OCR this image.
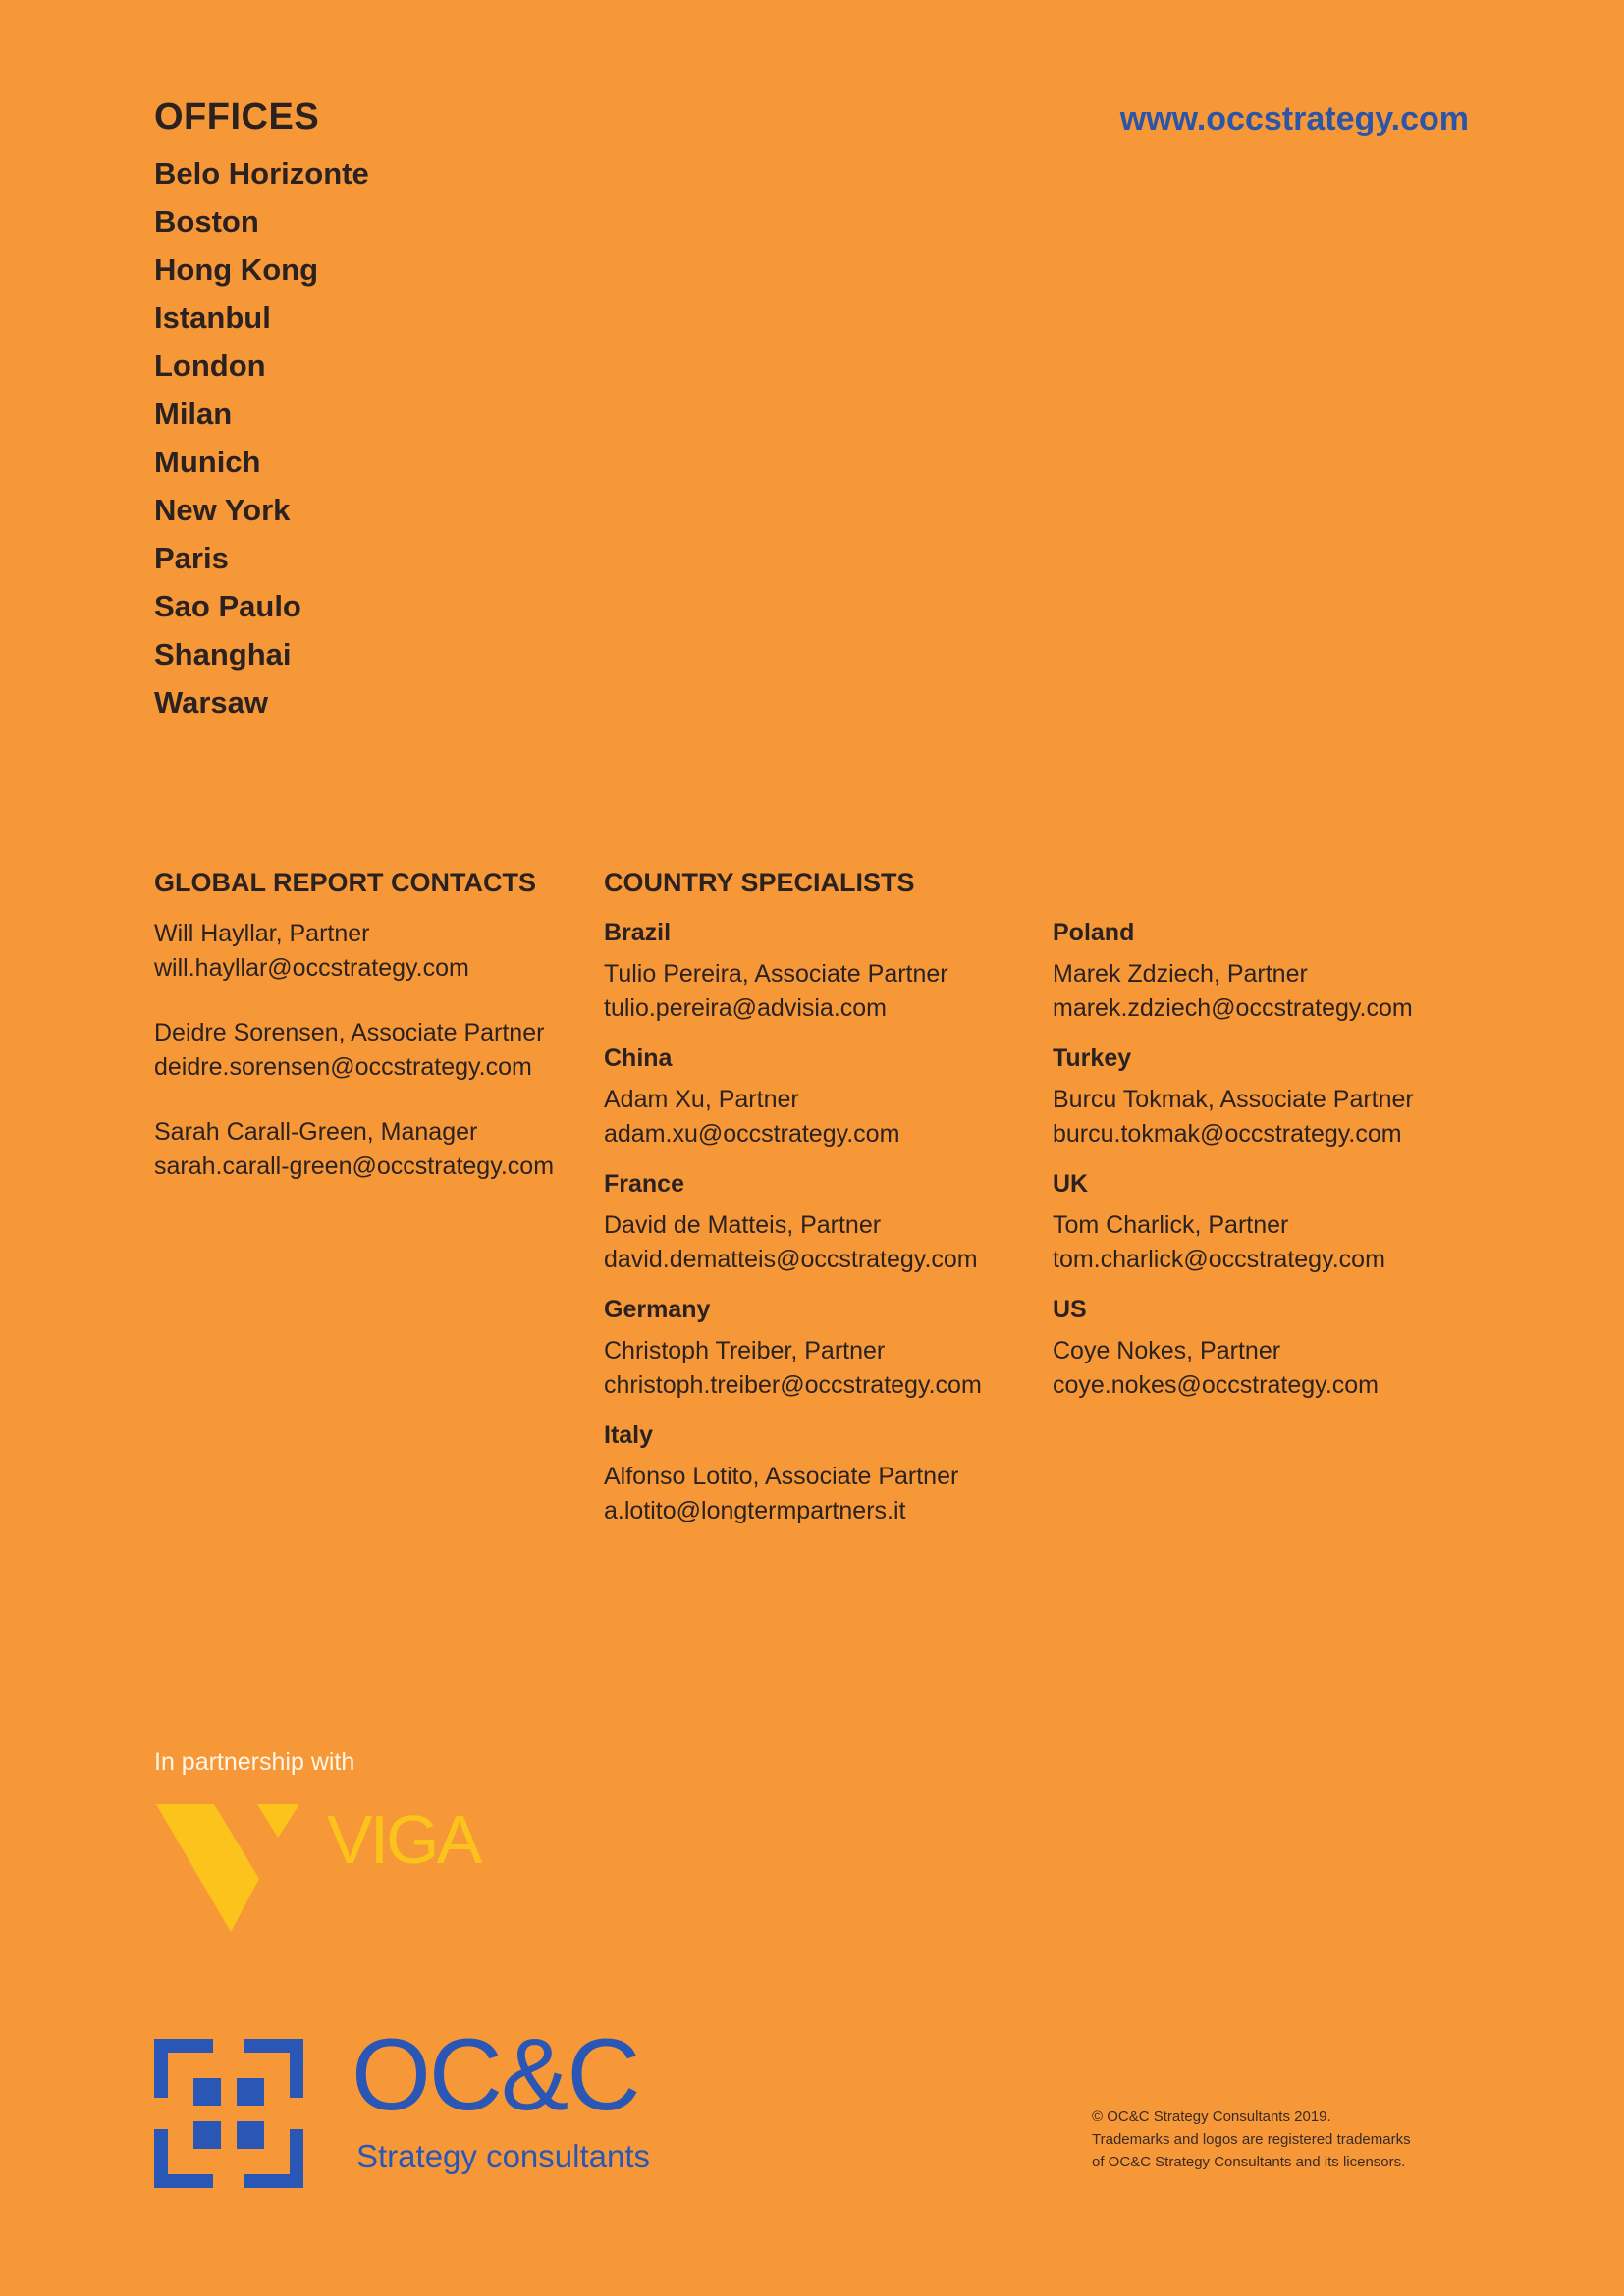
OFFICES
Belo Horizonte
Boston
Hong Kong
Istanbul
London
Milan
Munich
New York
Paris
Sao Paulo
Shanghai
Warsaw
www.occstrategy.com
GLOBAL REPORT CONTACTS
Will Hayllar, Partner
will.hayllar@occstrategy.com
Deidre Sorensen, Associate Partner
deidre.sorensen@occstrategy.com
Sarah Carall-Green, Manager
sarah.carall-green@occstrategy.com
COUNTRY SPECIALISTS
Brazil
Tulio Pereira, Associate Partner
tulio.pereira@advisia.com
China
Adam Xu, Partner
adam.xu@occstrategy.com
France
David de Matteis, Partner
david.dematteis@occstrategy.com
Germany
Christoph Treiber, Partner
christoph.treiber@occstrategy.com
Italy
Alfonso Lotito, Associate Partner
a.lotito@longtermpartners.it
Poland
Marek Zdziech, Partner
marek.zdziech@occstrategy.com
Turkey
Burcu Tokmak, Associate Partner
burcu.tokmak@occstrategy.com
UK
Tom Charlick, Partner
tom.charlick@occstrategy.com
US
Coye Nokes, Partner
coye.nokes@occstrategy.com
In partnership with
VIGA
OC&C
Strategy consultants
© OC&C Strategy Consultants 2019.
Trademarks and logos are registered trademarks
of OC&C Strategy Consultants and its licensors.
